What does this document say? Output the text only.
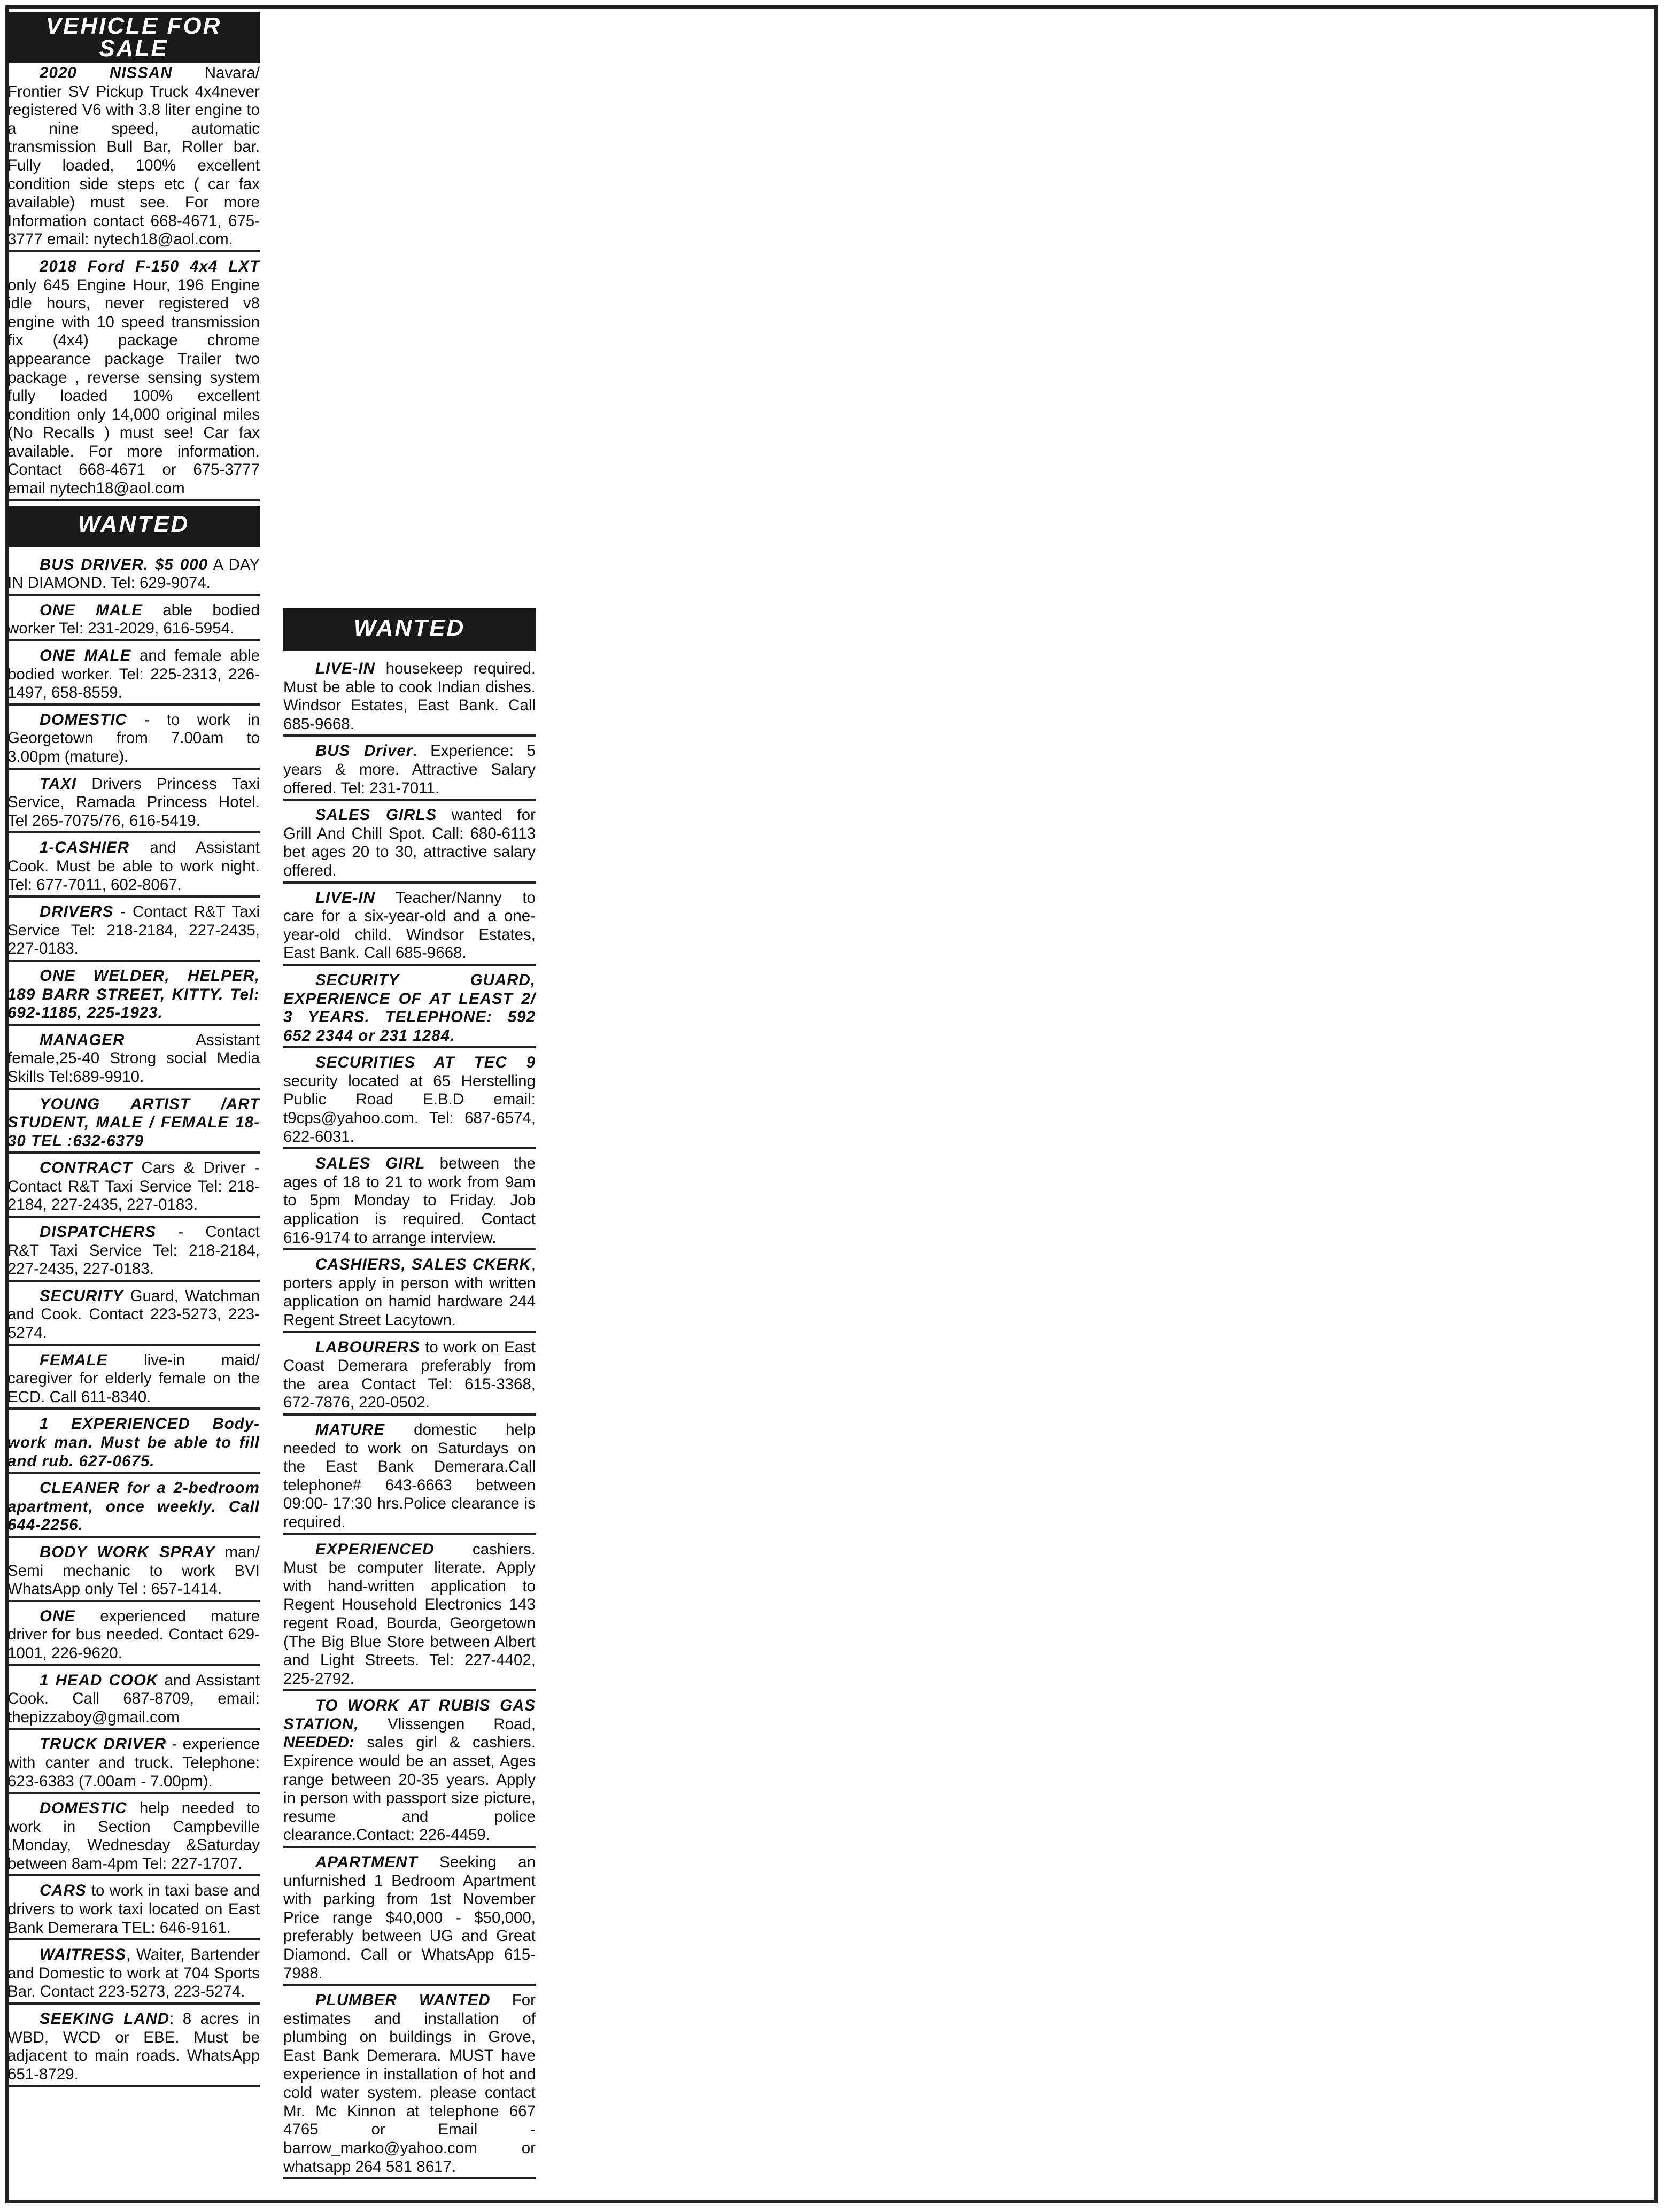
VEHICLE FOR SALE
2020 NISSAN Navara/ Frontier SV Pickup Truck 4x4never registered V6 with 3.8 liter engine to a nine speed, automatic transmission Bull Bar, Roller bar. Fully loaded, 100% excellent condition side steps etc ( car fax available) must see. For more Information contact 668-4671, 675-3777 email: nytech18@aol.com.
2018 Ford F-150 4x4 LXT only 645 Engine Hour, 196 Engine idle hours, never registered v8 engine with 10 speed transmission fix (4x4) package chrome appearance package Trailer two package , reverse sensing system fully loaded 100% excellent condition only 14,000 original miles (No Recalls ) must see! Car fax available. For more information. Contact 668-4671 or 675-3777 email nytech18@aol.com
WANTED
BUS DRIVER. $5 000 A DAY IN DIAMOND. Tel: 629-9074.
ONE MALE able bodied worker Tel: 231-2029, 616-5954.
ONE MALE and female able bodied worker. Tel: 225-2313, 226-1497, 658-8559.
DOMESTIC - to work in Georgetown from 7.00am to 3.00pm (mature).
TAXI Drivers Princess Taxi Service, Ramada Princess Hotel. Tel 265-7075/76, 616-5419.
1-CASHIER and Assistant Cook. Must be able to work night. Tel: 677-7011, 602-8067.
DRIVERS - Contact R&T Taxi Service Tel: 218-2184, 227-2435, 227-0183.
ONE WELDER, HELPER, 189 BARR STREET, KITTY. Tel: 692-1185, 225-1923.
MANAGER Assistant female,25-40 Strong social Media Skills Tel:689-9910.
YOUNG ARTIST /ART STUDENT, MALE / FEMALE 18-30 TEL :632-6379
CONTRACT Cars & Driver - Contact R&T Taxi Service Tel: 218-2184, 227-2435, 227-0183.
DISPATCHERS - Contact R&T Taxi Service Tel: 218-2184, 227-2435, 227-0183.
SECURITY Guard, Watchman and Cook. Contact 223-5273, 223-5274.
FEMALE live-in maid/ caregiver for elderly female on the ECD. Call 611-8340.
1 EXPERIENCED Body-work man. Must be able to fill and rub. 627-0675.
CLEANER for a 2-bedroom apartment, once weekly. Call 644-2256.
BODY WORK SPRAY man/ Semi mechanic to work BVI WhatsApp only Tel : 657-1414.
ONE experienced mature driver for bus needed. Contact 629-1001, 226-9620.
1 HEAD COOK and Assistant Cook. Call 687-8709, email: thepizzaboy@gmail.com
TRUCK DRIVER - experience with canter and truck. Telephone: 623-6383 (7.00am - 7.00pm).
DOMESTIC help needed to work in Section Campbeville .Monday, Wednesday &Saturday between 8am-4pm Tel: 227-1707.
CARS to work in taxi base and drivers to work taxi located on East Bank Demerara TEL: 646-9161.
WAITRESS, Waiter, Bartender and Domestic to work at 704 Sports Bar. Contact 223-5273, 223-5274.
SEEKING LAND: 8 acres in WBD, WCD or EBE. Must be adjacent to main roads. WhatsApp 651-8729.
WANTED
LIVE-IN housekeep required. Must be able to cook Indian dishes. Windsor Estates, East Bank. Call 685-9668.
BUS Driver. Experience: 5 years & more. Attractive Salary offered. Tel: 231-7011.
SALES GIRLS wanted for Grill And Chill Spot. Call: 680-6113 bet ages 20 to 30, attractive salary offered.
LIVE-IN Teacher/Nanny to care for a six-year-old and a one-year-old child. Windsor Estates, East Bank. Call 685-9668.
SECURITY GUARD, EXPERIENCE OF AT LEAST 2/ 3 YEARS. TELEPHONE: 592 652 2344 or 231 1284.
SECURITIES AT TEC 9 security located at 65 Herstelling Public Road E.B.D email: t9cps@yahoo.com. Tel: 687-6574, 622-6031.
SALES GIRL between the ages of 18 to 21 to work from 9am to 5pm Monday to Friday. Job application is required. Contact 616-9174 to arrange interview.
CASHIERS, SALES CKERK, porters apply in person with written application on hamid hardware 244 Regent Street Lacytown.
LABOURERS to work on East Coast Demerara preferably from the area Contact Tel: 615-3368, 672-7876, 220-0502.
MATURE domestic help needed to work on Saturdays on the East Bank Demerara.Call telephone# 643-6663 between 09:00- 17:30 hrs.Police clearance is required.
EXPERIENCED cashiers. Must be computer literate. Apply with hand-written application to Regent Household Electronics 143 regent Road, Bourda, Georgetown (The Big Blue Store between Albert and Light Streets. Tel: 227-4402, 225-2792.
TO WORK AT RUBIS GAS STATION, Vlissengen Road, NEEDED: sales girl & cashiers. Expirence would be an asset, Ages range between 20-35 years. Apply in person with passport size picture, resume and police clearance.Contact: 226-4459.
APARTMENT Seeking an unfurnished 1 Bedroom Apartment with parking from 1st November Price range $40,000 - $50,000, preferably between UG and Great Diamond. Call or WhatsApp 615-7988.
PLUMBER WANTED For estimates and installation of plumbing on buildings in Grove, East Bank Demerara. MUST have experience in installation of hot and cold water system. please contact Mr. Mc Kinnon at telephone 667 4765 or Email - barrow_marko@yahoo.com or whatsapp 264 581 8617.
